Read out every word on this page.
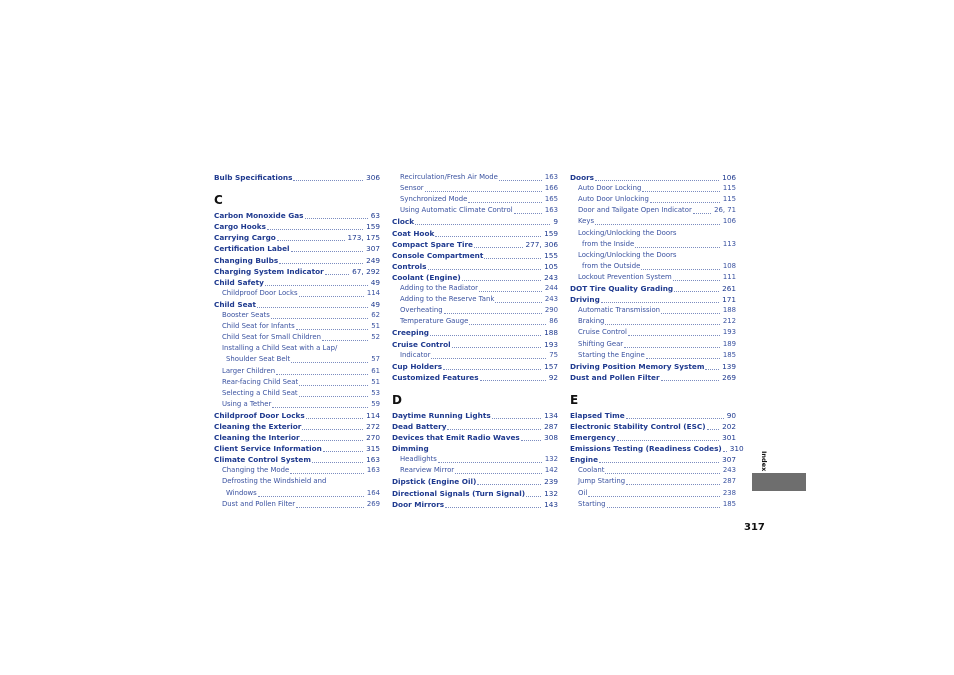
Bulb Specifications	306
C
Carbon Monoxide Gas	63
Cargo Hooks	159
Carrying Cargo	173, 175
Certification Label	307
Changing Bulbs	249
Charging System Indicator	67, 292
Child Safety	49
Childproof Door Locks	114
Child Seat	49
Booster Seats	62
Child Seat for Infants	51
Child Seat for Small Children	52
Installing a Child Seat with a Lap/
Shoulder Seat Belt	57
Larger Children	61
Rear-facing Child Seat	51
Selecting a Child Seat	53
Using a Tether	59
Childproof Door Locks	114
Cleaning the Exterior	272
Cleaning the Interior	270
Client Service Information	315
Climate Control System	163
Changing the Mode	163
Defrosting the Windshield and
Windows	164
Dust and Pollen Filter	269
Recirculation/Fresh Air Mode	163
Sensor	166
Synchronized Mode	165
Using Automatic Climate Control	163
Clock	9
Coat Hook	159
Compact Spare Tire	277, 306
Console Compartment	155
Controls	105
Coolant (Engine)	243
Adding to the Radiator	244
Adding to the Reserve Tank	243
Overheating	290
Temperature Gauge	86
Creeping	188
Cruise Control	193
Indicator	75
Cup Holders	157
Customized Features	92
D
Daytime Running Lights	134
Dead Battery	287
Devices that Emit Radio Waves	308
Dimming
Headlights	132
Rearview Mirror	142
Dipstick (Engine Oil)	239
Directional Signals (Turn Signal)	132
Door Mirrors	143
Doors	106
Auto Door Locking	115
Auto Door Unlocking	115
Door and Tailgate Open Indicator	26, 71
Keys	106
Locking/Unlocking the Doors
from the Inside	113
Locking/Unlocking the Doors
from the Outside	108
Lockout Prevention System	111
DOT Tire Quality Grading	261
Driving	171
Automatic Transmission	188
Braking	212
Cruise Control	193
Shifting Gear	189
Starting the Engine	185
Driving Position Memory System 139
Dust and Pollen Filter	269
E
Elapsed Time	90
Electronic Stability Control (ESC) 202
Emergency	301
Emissions Testing (Readiness Codes) 310
Engine	307
Coolant	243
Jump Starting	287
Oil	238
Starting	185
Index
317
